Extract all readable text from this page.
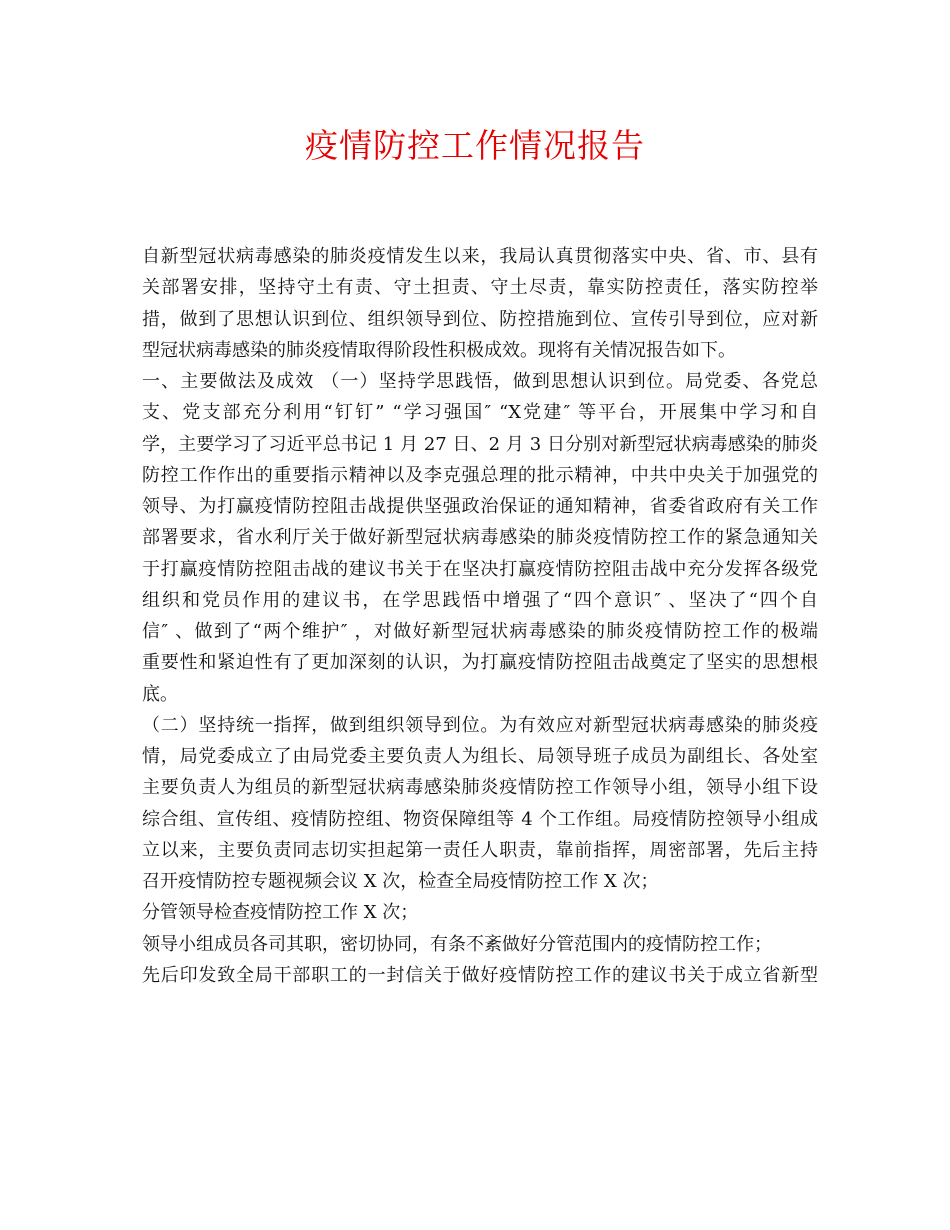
疫情防控工作情况报告
自新型冠状病毒感染的肺炎疫情发生以来，我局认真贯彻落实中央、省、市、县有
关部署安排，坚持守土有责、守土担责、守土尽责，靠实防控责任，落实防控举
措，做到了思想认识到位、组织领导到位、防控措施到位、宣传引导到位，应对新
型冠状病毒感染的肺炎疫情取得阶段性积极成效。现将有关情况报告如下。
一、主要做法及成效 （一）坚持学思践悟，做到思想认识到位。局党委、各党总
支、党支部充分利用“钉钉” “学习强国″ “X党建″ 等平台，开展集中学习和自
学，主要学习了习近平总书记 1 月 27 日、2 月 3 日分别对新型冠状病毒感染的肺炎
防控工作作出的重要指示精神以及李克强总理的批示精神，中共中央关于加强党的
领导、为打赢疫情防控阻击战提供坚强政治保证的通知精神，省委省政府有关工作
部署要求，省水利厅关于做好新型冠状病毒感染的肺炎疫情防控工作的紧急通知关
于打赢疫情防控阻击战的建议书关于在坚决打赢疫情防控阻击战中充分发挥各级党
组织和党员作用的建议书，在学思践悟中增强了“四个意识″ 、坚决了“四个自
信″ 、做到了“两个维护″ ，对做好新型冠状病毒感染的肺炎疫情防控工作的极端
重要性和紧迫性有了更加深刻的认识，为打赢疫情防控阻击战奠定了坚实的思想根
底。
（二）坚持统一指挥，做到组织领导到位。为有效应对新型冠状病毒感染的肺炎疫
情，局党委成立了由局党委主要负责人为组长、局领导班子成员为副组长、各处室
主要负责人为组员的新型冠状病毒感染肺炎疫情防控工作领导小组，领导小组下设
综合组、宣传组、疫情防控组、物资保障组等 4 个工作组。局疫情防控领导小组成
立以来，主要负责同志切实担起第一责任人职责，靠前指挥，周密部署，先后主持
召开疫情防控专题视频会议 X 次，检查全局疫情防控工作 X 次；
分管领导检查疫情防控工作 X 次；
领导小组成员各司其职，密切协同，有条不紊做好分管范围内的疫情防控工作；
先后印发致全局干部职工的一封信关于做好疫情防控工作的建议书关于成立省新型
